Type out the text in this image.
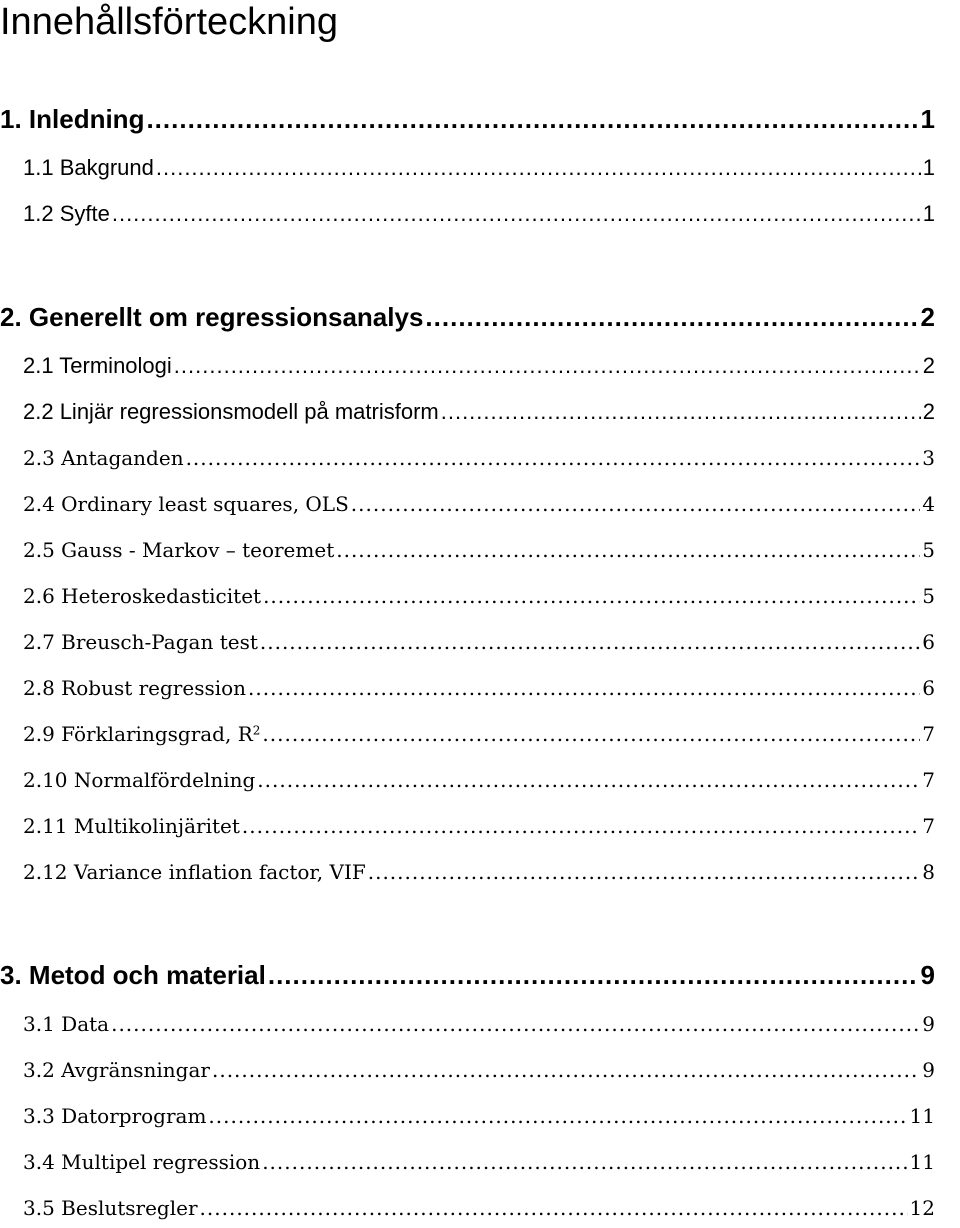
Innehållsförteckning
1. Inledning .....	1
1.1 Bakgrund .....	1
1.2 Syfte .....	1
2. Generellt om regressionsanalys .....	2
2.1 Terminologi .....	2
2.2 Linjär regressionsmodell på matrisform .....	2
2.3 Antaganden .....	3
2.4 Ordinary least squares, OLS .....	4
2.5 Gauss - Markov – teoremet .....	5
2.6 Heteroskedasticitet .....	5
2.7 Breusch-Pagan test .....	6
2.8 Robust regression .....	6
2.9 Förklaringsgrad, $R^2$ .....	7
2.10 Normalfördelning .....	7
2.11 Multikolinjäritet .....	7
2.12 Variance inflation factor, VIF .....	8
3. Metod och material .....	9
3.1 Data .....	9
3.2 Avgränsningar .....	9
3.3 Datorprogram .....	11
3.4 Multipel regression .....	11
3.5 Beslutsregler .....	12
